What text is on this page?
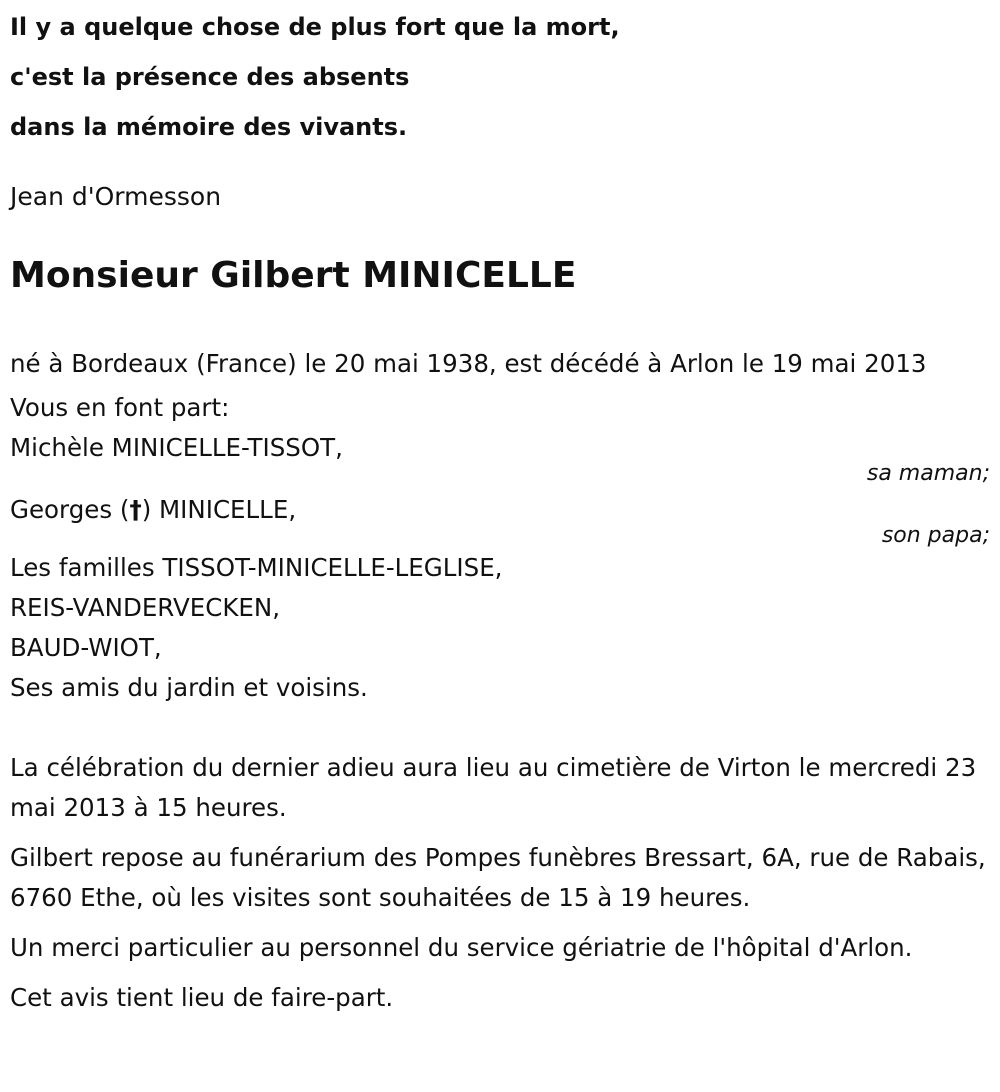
Il y a quelque chose de plus fort que la mort,
c'est la présence des absents
dans la mémoire des vivants.
Jean d'Ormesson
Monsieur Gilbert MINICELLE
né à Bordeaux (France) le 20 mai 1938, est décédé à Arlon le 19 mai 2013
Vous en font part:
Michèle MINICELLE-TISSOT,
sa maman;
Georges (†) MINICELLE,
son papa;
Les familles TISSOT-MINICELLE-LEGLISE,
REIS-VANDERVECKEN,
BAUD-WIOT,
Ses amis du jardin et voisins.
La célébration du dernier adieu aura lieu au cimetière de Virton le mercredi 23 mai 2013 à 15 heures.
Gilbert repose au funérarium des Pompes funèbres Bressart, 6A, rue de Rabais, 6760 Ethe, où les visites sont souhaitées de 15 à 19 heures.
Un merci particulier au personnel du service gériatrie de l'hôpital d'Arlon.
Cet avis tient lieu de faire-part.
